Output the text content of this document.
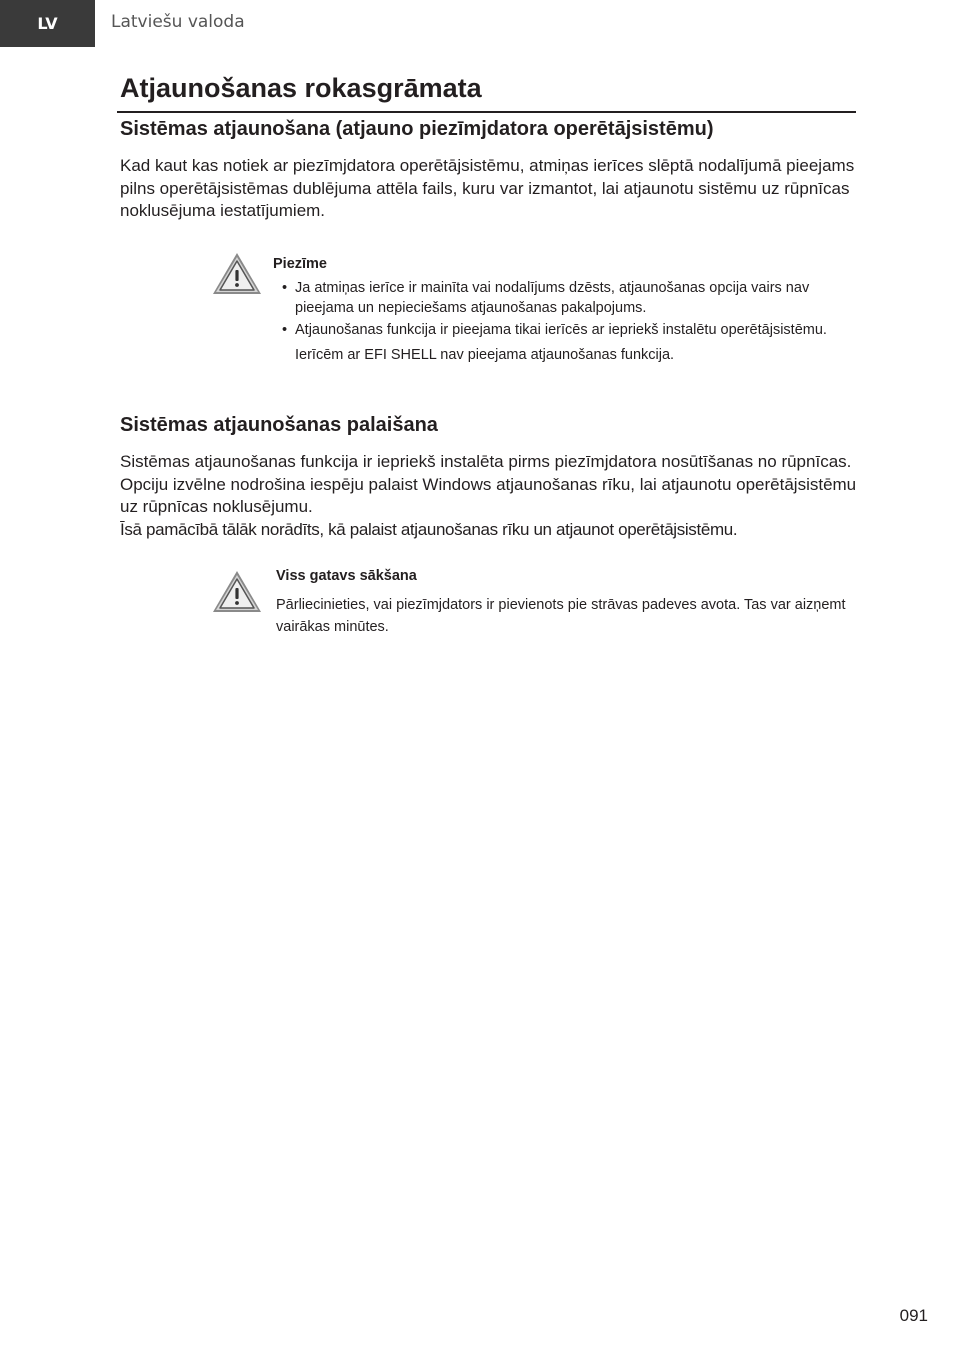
LV	Latviešu valoda
Atjaunošanas rokasgrāmata
Sistēmas atjaunošana (atjauno piezīmjdatora operētājsistēmu)

Kad kaut kas notiek ar piezīmjdatora operētājsistēmu, atmiņas ierīces slēptā nodalījumā pieejams pilns operētājsistēmas dublējuma attēla fails, kuru var izmantot, lai atjaunotu sistēmu uz rūpnīcas noklusējuma iestatījumiem.

Piezīme
• Ja atmiņas ierīce ir mainīta vai nodalījums dzēsts, atjaunošanas opcija vairs nav pieejama un nepieciešams atjaunošanas pakalpojums.
• Atjaunošanas funkcija ir pieejama tikai ierīcēs ar iepriekš instalētu operētājsistēmu. Ierīcēm ar EFI SHELL nav pieejama atjaunošanas funkcija.
Sistēmas atjaunošanas palaišana

Sistēmas atjaunošanas funkcija ir iepriekš instalēta pirms piezīmjdatora nosūtīšanas no rūpnīcas. Opciju izvēlne nodrošina iespēju palaist Windows atjaunošanas rīku, lai atjaunotu operētājsistēmu uz rūpnīcas noklusējumu.

Īsā pamācībā tālāk norādīts, kā palaist atjaunošanas rīku un atjaunot operētājsistēmu.

Viss gatavs sākšana

Pārliecinieties, vai piezīmjdators ir pievienots pie strāvas padeves avota. Tas var aizņemt vairākas minūtes.

091
